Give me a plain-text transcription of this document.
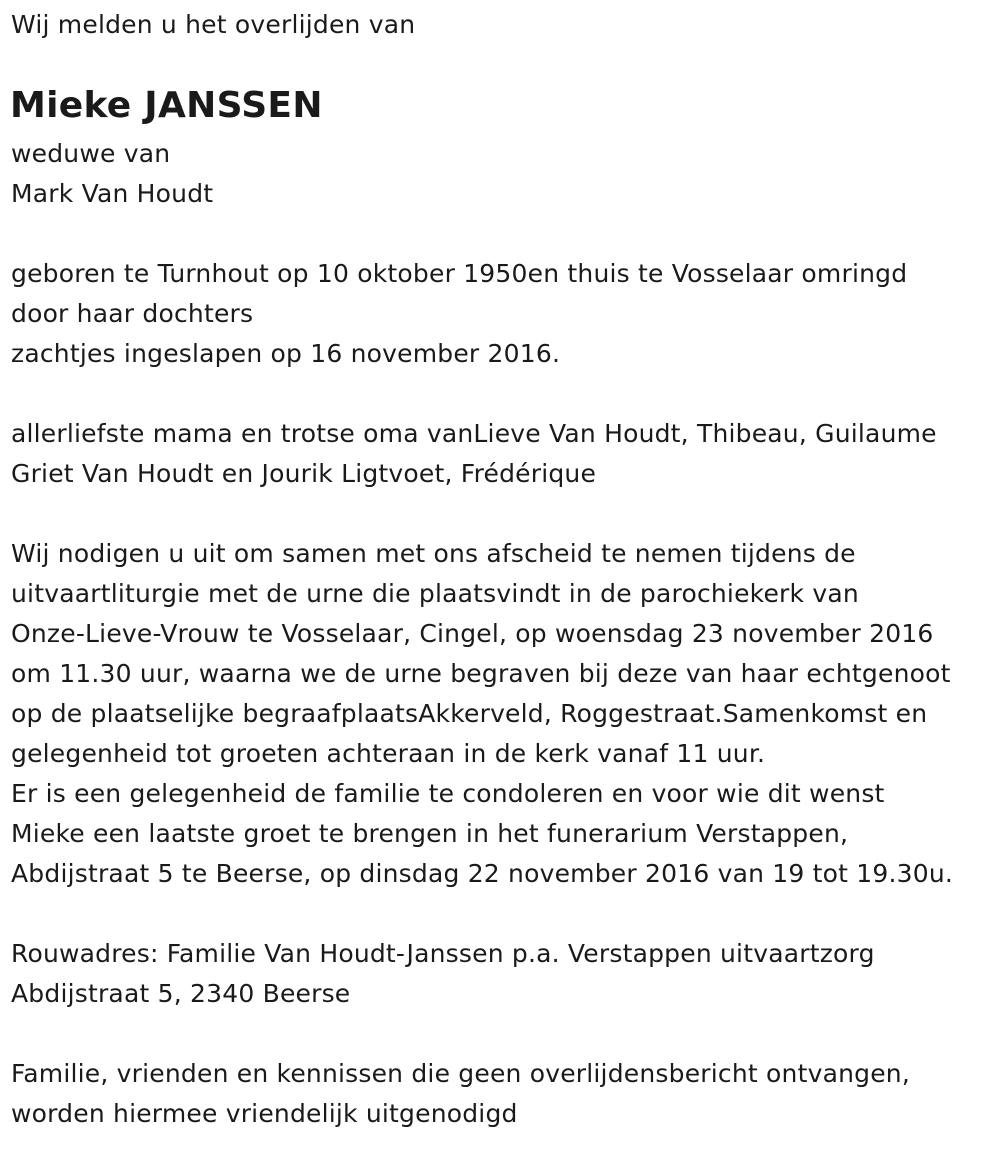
Wij melden u het overlijden van
Mieke JANSSEN
weduwe van
Mark Van Houdt
geboren te Turnhout op 10 oktober 1950en thuis te Vosselaar omringd
door haar dochters
zachtjes ingeslapen op 16 november 2016.
allerliefste mama en trotse oma vanLieve Van Houdt, Thibeau, Guilaume
Griet Van Houdt en Jourik Ligtvoet, Frédérique
Wij nodigen u uit om samen met ons afscheid te nemen tijdens de
uitvaartliturgie met de urne die plaatsvindt in de parochiekerk van
Onze-Lieve-Vrouw te Vosselaar, Cingel, op woensdag 23 november 2016
om 11.30 uur, waarna we de urne begraven bij deze van haar echtgenoot
op de plaatselijke begraafplaatsAkkerveld, Roggestraat.Samenkomst en
gelegenheid tot groeten achteraan in de kerk vanaf 11 uur.
Er is een gelegenheid de familie te condoleren en voor wie dit wenst
Mieke een laatste groet te brengen in het funerarium Verstappen,
Abdijstraat 5 te Beerse, op dinsdag 22 november 2016 van 19 tot 19.30u.
Rouwadres: Familie Van Houdt-Janssen p.a. Verstappen uitvaartzorg
Abdijstraat 5, 2340 Beerse
Familie, vrienden en kennissen die geen overlijdensbericht ontvangen,
worden hiermee vriendelijk uitgenodigd
